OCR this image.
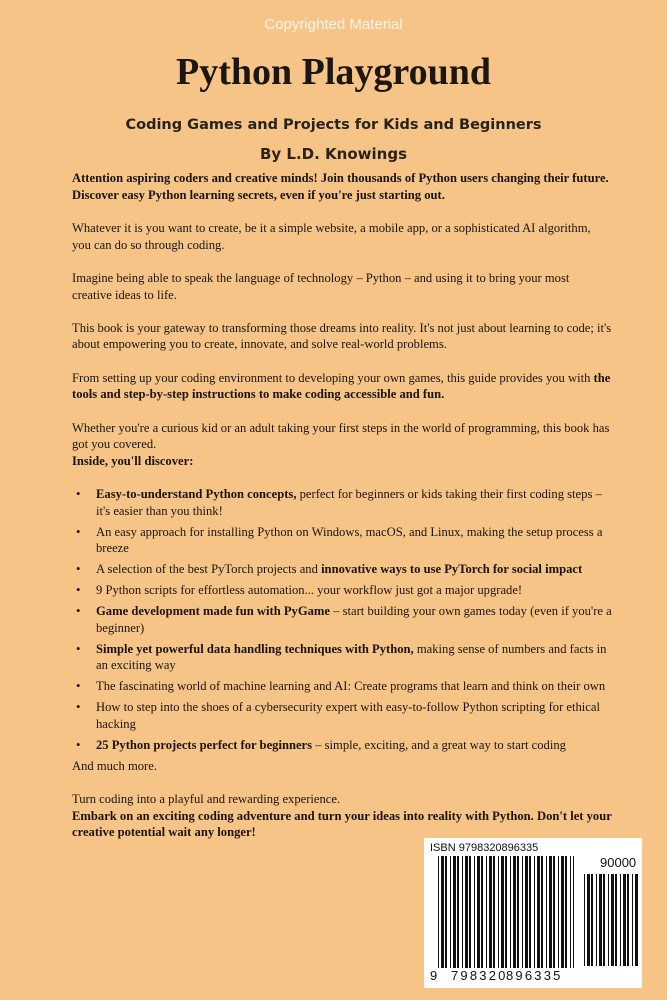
Copyrighted Material
Python Playground
Coding Games and Projects for Kids and Beginners
By L.D. Knowings

Attention aspiring coders and creative minds! Join thousands of Python users changing their future. Discover easy Python learning secrets, even if you're just starting out.

Whatever it is you want to create, be it a simple website, a mobile app, or a sophisticated AI algorithm, you can do so through coding.

Imagine being able to speak the language of technology – Python – and using it to bring your most creative ideas to life.

This book is your gateway to transforming those dreams into reality. It's not just about learning to code; it's about empowering you to create, innovate, and solve real-world problems.

From setting up your coding environment to developing your own games, this guide provides you with the tools and step-by-step instructions to make coding accessible and fun.

Whether you're a curious kid or an adult taking your first steps in the world of programming, this book has got you covered.

Inside, you'll discover:

• Easy-to-understand Python concepts, perfect for beginners or kids taking their first coding steps – it's easier than you think!
• An easy approach for installing Python on Windows, macOS, and Linux, making the setup process a breeze
• A selection of the best PyTorch projects and innovative ways to use PyTorch for social impact
• 9 Python scripts for effortless automation... your workflow just got a major upgrade!
• Game development made fun with PyGame – start building your own games today (even if you're a beginner)
• Simple yet powerful data handling techniques with Python, making sense of numbers and facts in an exciting way
• The fascinating world of machine learning and AI: Create programs that learn and think on their own
• How to step into the shoes of a cybersecurity expert with easy-to-follow Python scripting for ethical hacking
• 25 Python projects perfect for beginners – simple, exciting, and a great way to start coding

And much more.

Turn coding into a playful and rewarding experience.

Embark on an exciting coding adventure and turn your ideas into reality with Python. Don't let your creative potential wait any longer!

ISBN 9798320896335
90000
9 798320
896335
